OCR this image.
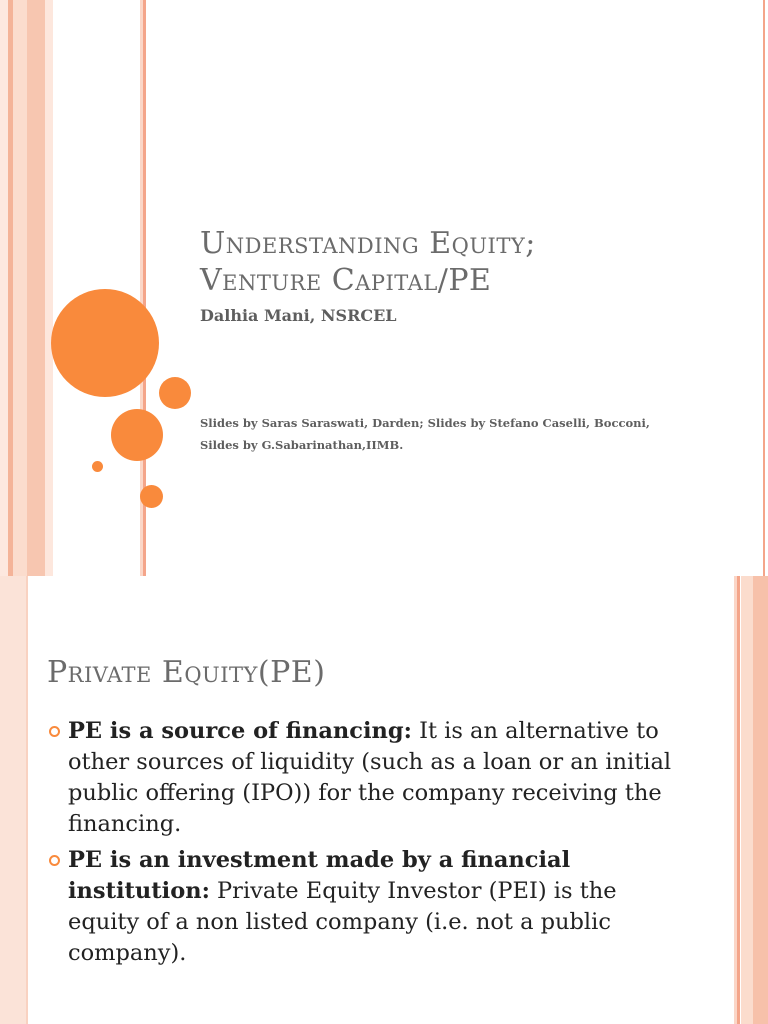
Understanding Equity;
Venture Capital/PE
Dalhia Mani, NSRCEL
Slides by Saras Saraswati, Darden; Slides by Stefano Caselli, Bocconi,
Sildes by G.Sabarinathan,IIMB.
Private Equity(PE)
PE is a source of financing: It is an alternative to other sources of liquidity (such as a loan or an initial public offering (IPO)) for the company receiving the financing.
PE is an investment made by a financial institution: Private Equity Investor (PEI) is the equity of a non listed company (i.e. not a public company).
